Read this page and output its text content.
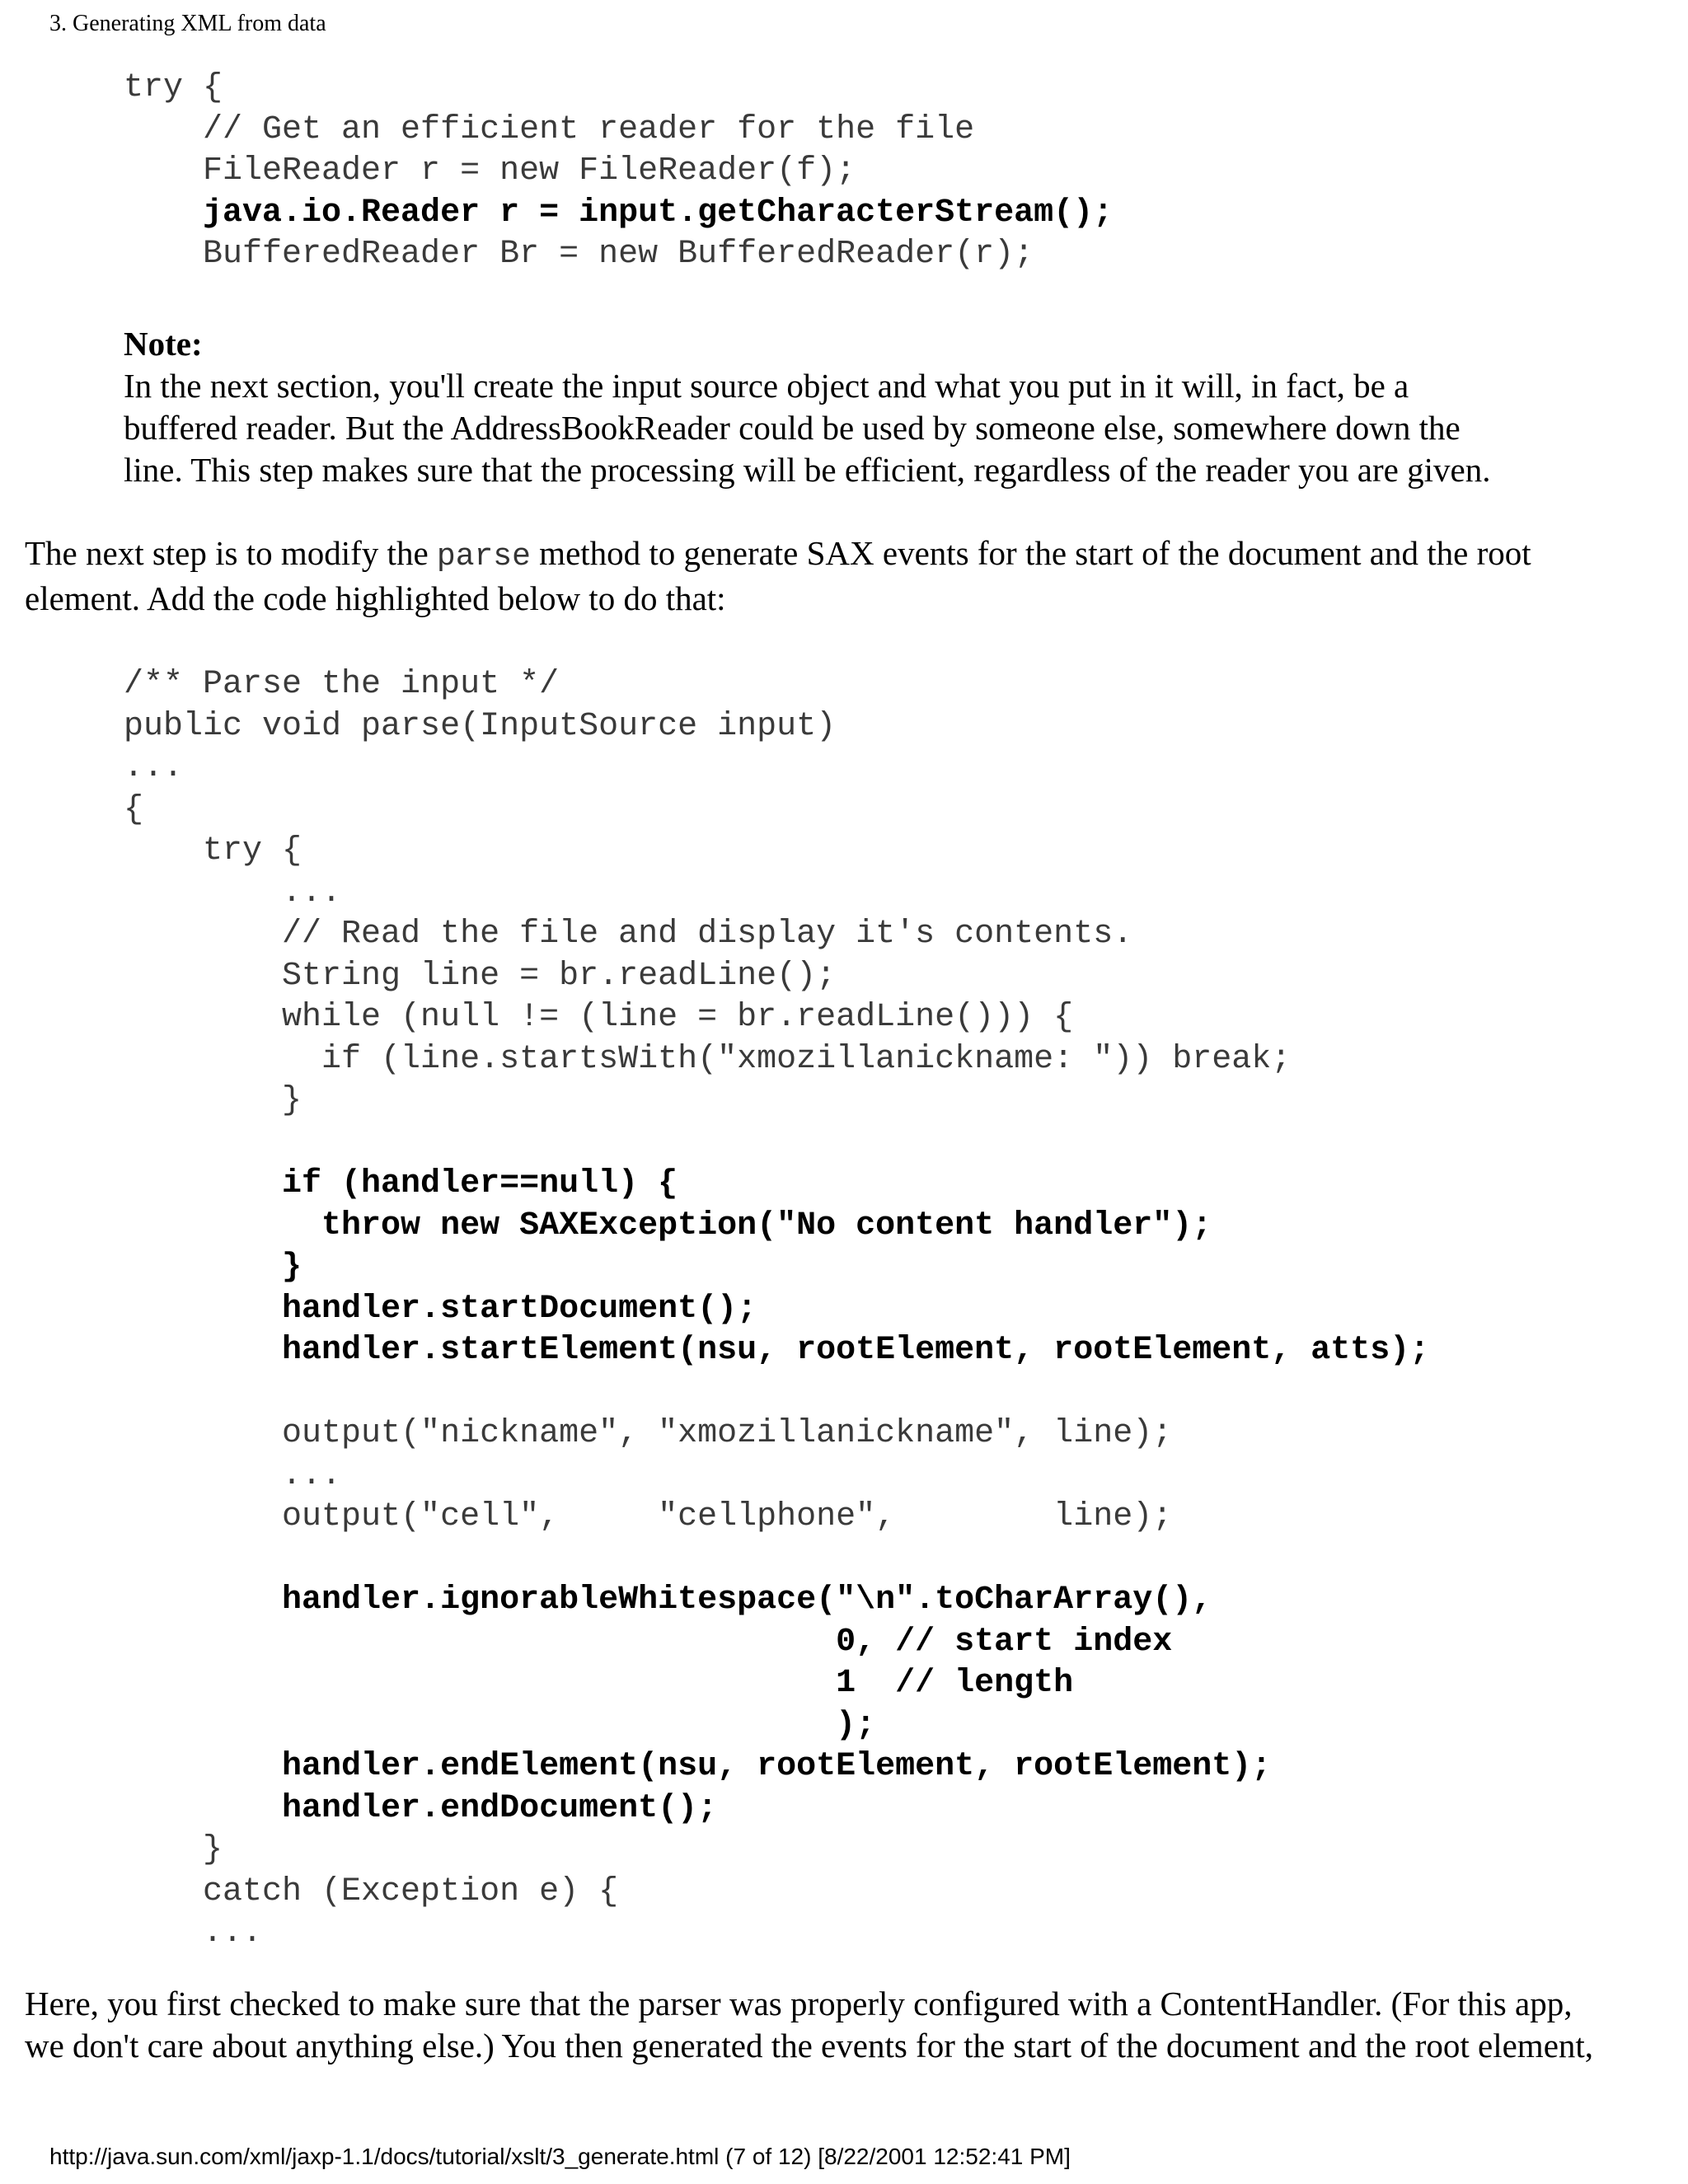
3. Generating XML from data
try {
// Get an efficient reader for the file
FileReader r = new FileReader(f);
java.io.Reader r = input.getCharacterStream();
BufferedReader Br = new BufferedReader(r);
Note:
In the next section, you'll create the input source object and what you put in it will, in fact, be a
buffered reader. But the AddressBookReader could be used by someone else, somewhere down the
line. This step makes sure that the processing will be efficient, regardless of the reader you are given.
The next step is to modify the parse method to generate SAX events for the start of the document and the root
element. Add the code highlighted below to do that:
/** Parse the input */
public void parse(InputSource input)
...
{
try {
...
// Read the file and display it's contents.
String line = br.readLine();
while (null != (line = br.readLine())) {
if (line.startsWith("xmozillanickname: ")) break;
}

if (handler==null) {
throw new SAXException("No content handler");
}
handler.startDocument();
handler.startElement(nsu, rootElement, rootElement, atts);

output("nickname", "xmozillanickname", line);
...
output("cell",     "cellphone",        line);

handler.ignorableWhitespace("\n".toCharArray(),
0, // start index
1  // length
);
handler.endElement(nsu, rootElement, rootElement);
handler.endDocument();
}
catch (Exception e) {
...
Here, you first checked to make sure that the parser was properly configured with a ContentHandler. (For this app,
we don't care about anything else.) You then generated the events for the start of the document and the root element,
http://java.sun.com/xml/jaxp-1.1/docs/tutorial/xslt/3_generate.html (7 of 12) [8/22/2001 12:52:41 PM]
